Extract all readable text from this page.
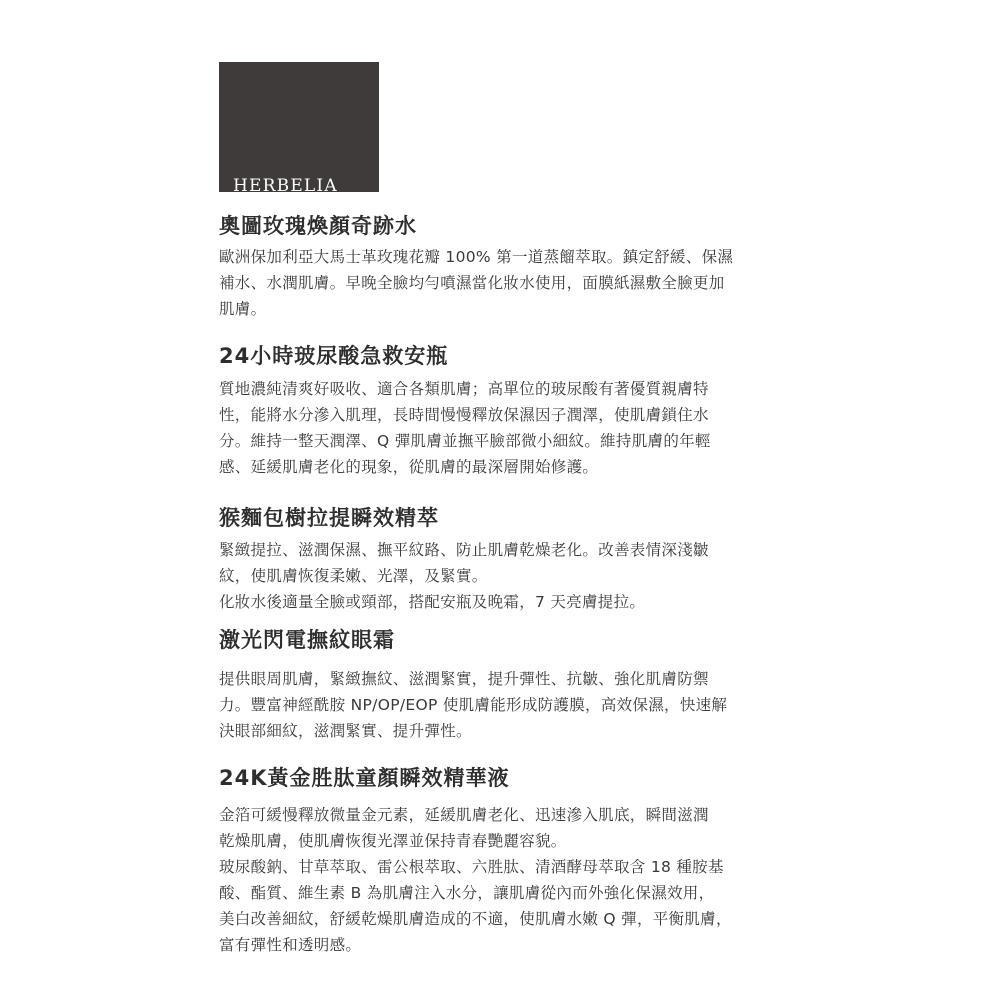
HERBELIA
奧圖玫瑰煥顏奇跡水

歐洲保加利亞大馬士革玫瑰花瓣 100% 第一道蒸餾萃取。鎮定舒緩、保濕

補水、水潤肌膚。早晚全臉均勻噴濕當化妝水使用，面膜紙濕敷全臉更加

肌膚。

24小時玻尿酸急救安瓶

質地濃純清爽好吸收、適合各類肌膚；高單位的玻尿酸有著優質親膚特

性，能將水分滲入肌理，長時間慢慢釋放保濕因子潤澤，使肌膚鎖住水

分。維持一整天潤澤、Q 彈肌膚並撫平臉部微小細紋。維持肌膚的年輕

感、延緩肌膚老化的現象，從肌膚的最深層開始修護。

猴麵包樹拉提瞬效精萃

緊緻提拉、滋潤保濕、撫平紋路、防止肌膚乾燥老化。改善表情深淺皺

紋，使肌膚恢復柔嫩、光澤，及緊實。

化妝水後適量全臉或頸部，搭配安瓶及晚霜，7 天亮膚提拉。

激光閃電撫紋眼霜

提供眼周肌膚，緊緻撫紋、滋潤緊實，提升彈性、抗皺、強化肌膚防禦

力。豐富神經酰胺 NP/OP/EOP 使肌膚能形成防護膜，高效保濕，快速解

決眼部細紋，滋潤緊實、提升彈性。

24K黃金胜肽童顏瞬效精華液

金箔可緩慢釋放微量金元素，延緩肌膚老化、迅速滲入肌底，瞬間滋潤

乾燥肌膚，使肌膚恢復光澤並保持青春艷麗容貌。

玻尿酸鈉、甘草萃取、雷公根萃取、六胜肽、清酒酵母萃取含 18 種胺基

酸、酯質、維生素 B 為肌膚注入水分，讓肌膚從內而外強化保濕效用，

美白改善細紋，舒緩乾燥肌膚造成的不適，使肌膚水嫩 Q 彈，平衡肌膚，

富有彈性和透明感。
